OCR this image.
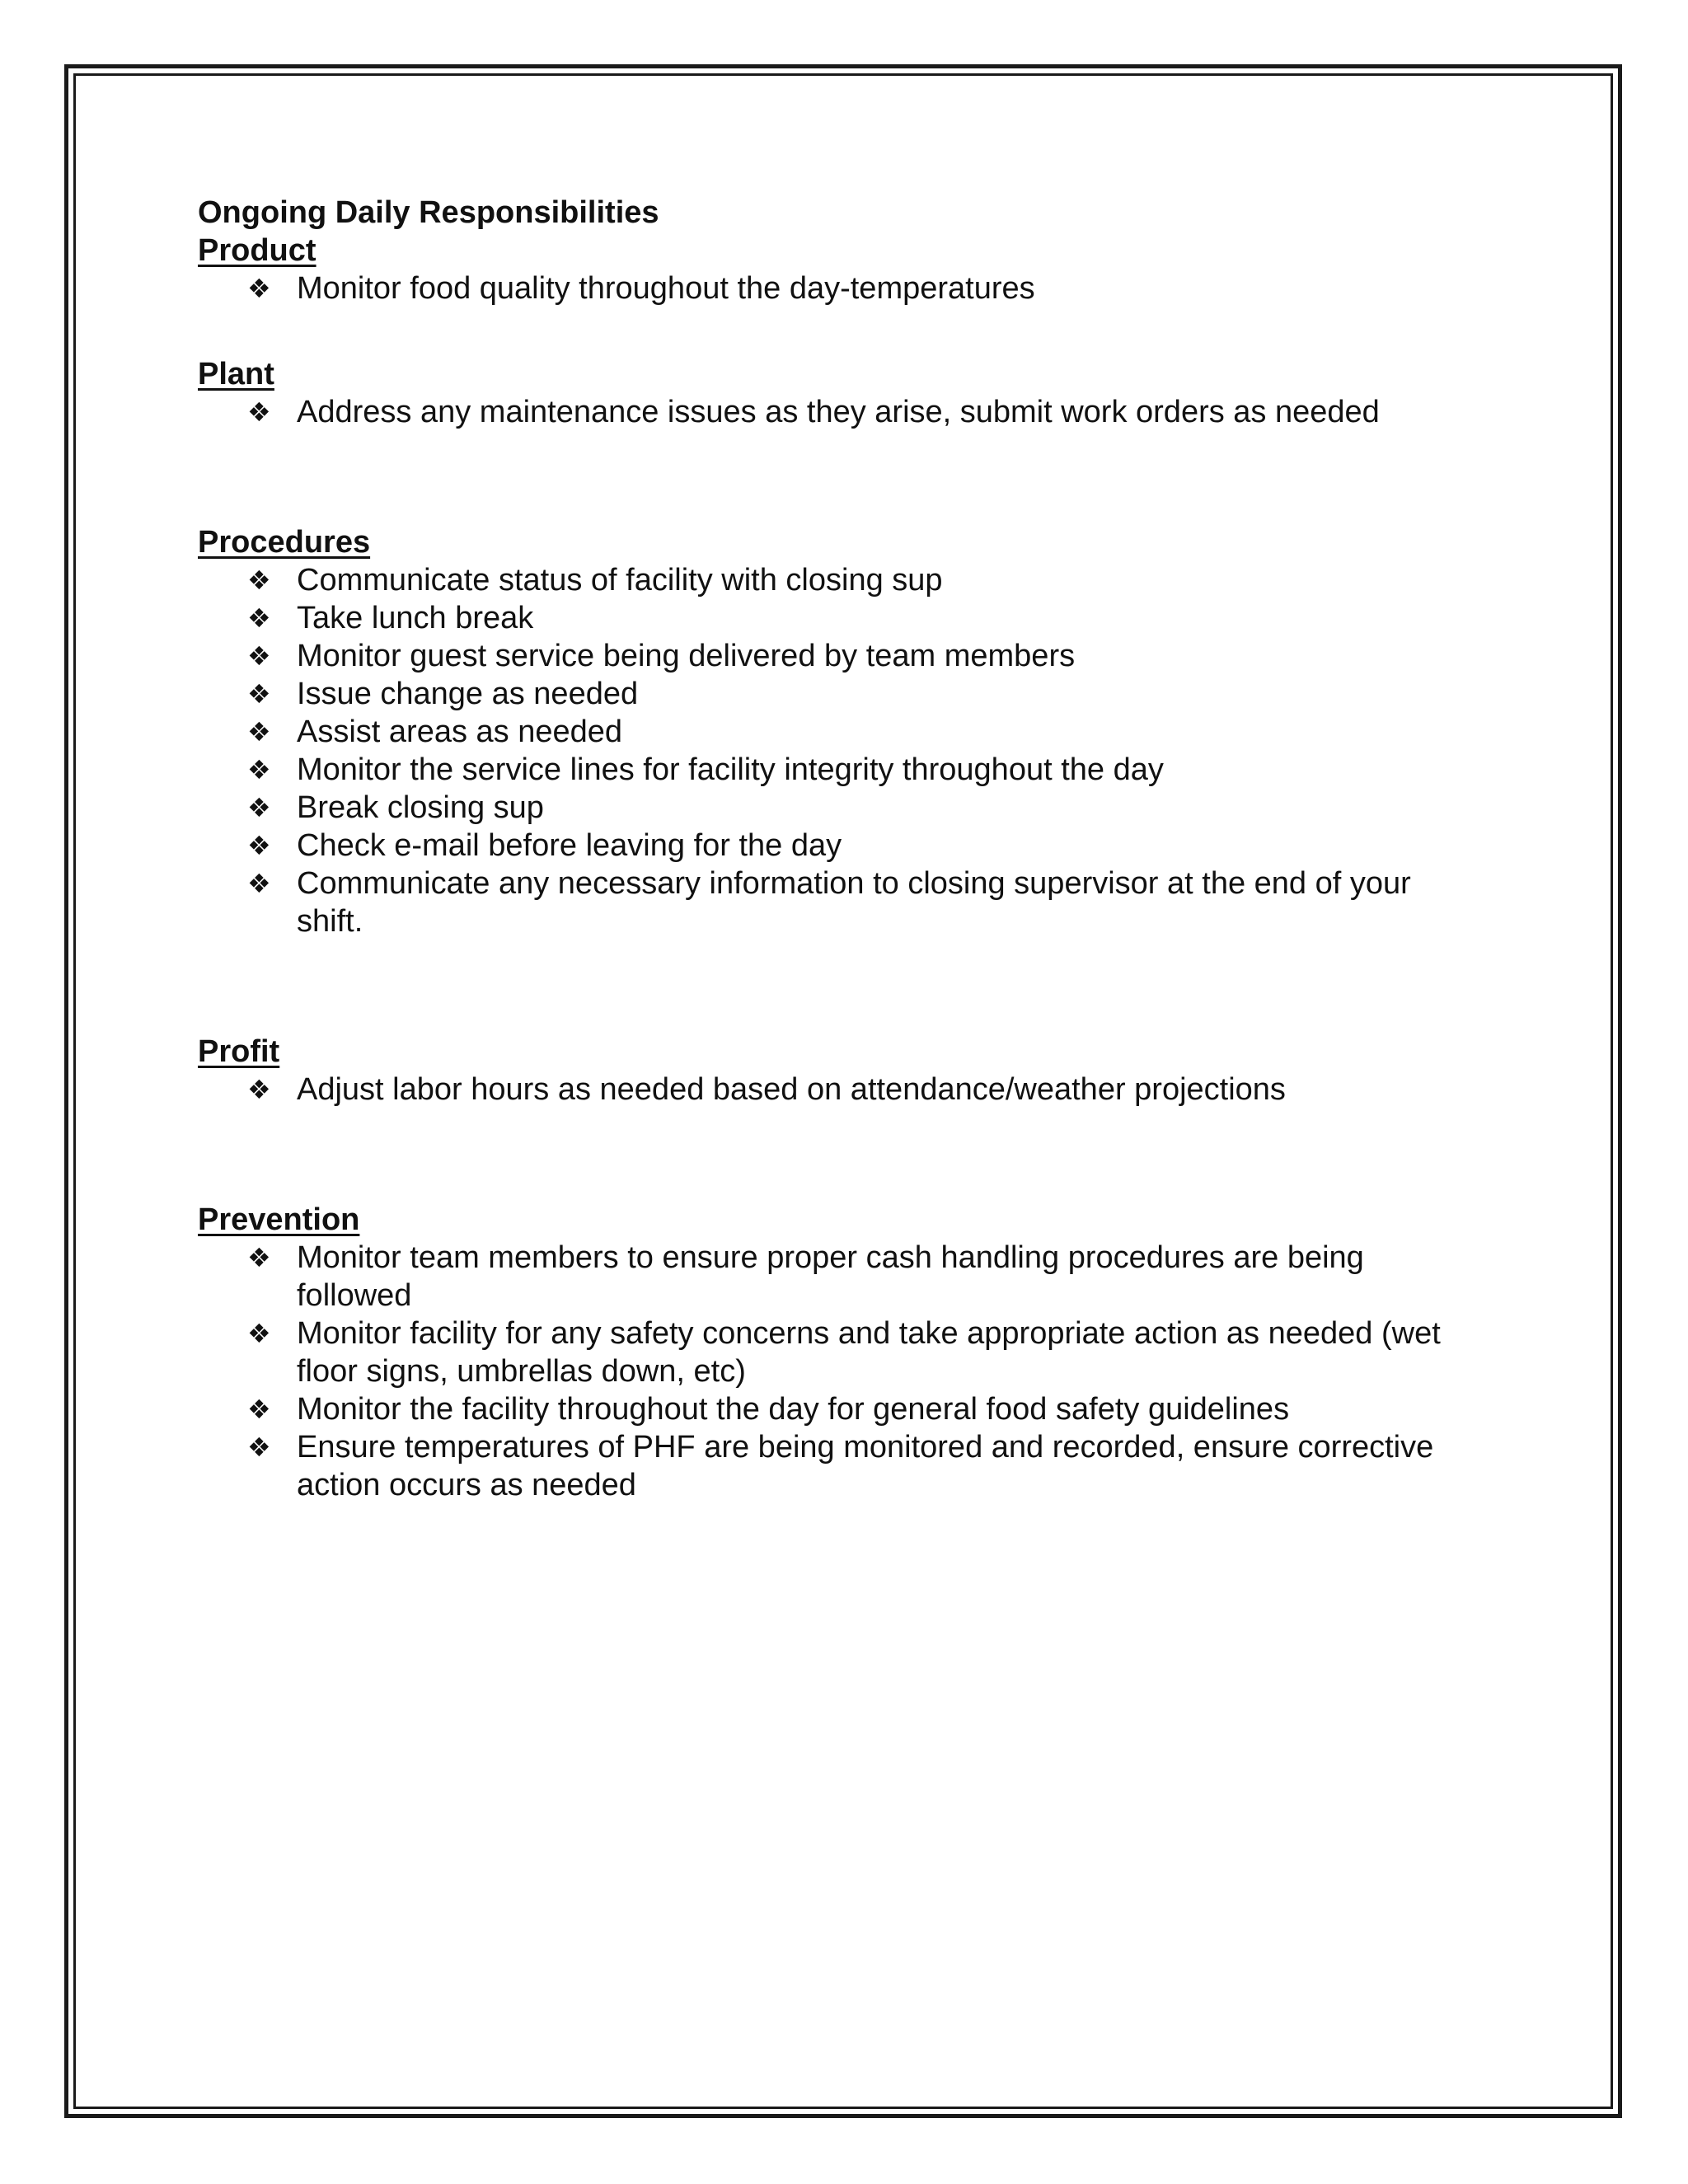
Ongoing Daily Responsibilities
Product
❖ Monitor food quality throughout the day-temperatures
Plant
❖ Address any maintenance issues as they arise, submit work orders as needed
Procedures
❖ Communicate status of facility with closing sup
❖ Take lunch break
❖ Monitor guest service being delivered by team members
❖ Issue change as needed
❖ Assist areas as needed
❖ Monitor the service lines for facility integrity throughout the day
❖ Break closing sup
❖ Check e-mail before leaving for the day
❖ Communicate any necessary information to closing supervisor at the end of your shift.
Profit
❖ Adjust labor hours as needed based on attendance/weather projections
Prevention
❖ Monitor team members to ensure proper cash handling procedures are being followed
❖ Monitor facility for any safety concerns and take appropriate action as needed (wet floor signs, umbrellas down, etc)
❖ Monitor the facility throughout the day for general food safety guidelines
❖ Ensure temperatures of PHF are being monitored and recorded, ensure corrective action occurs as needed
